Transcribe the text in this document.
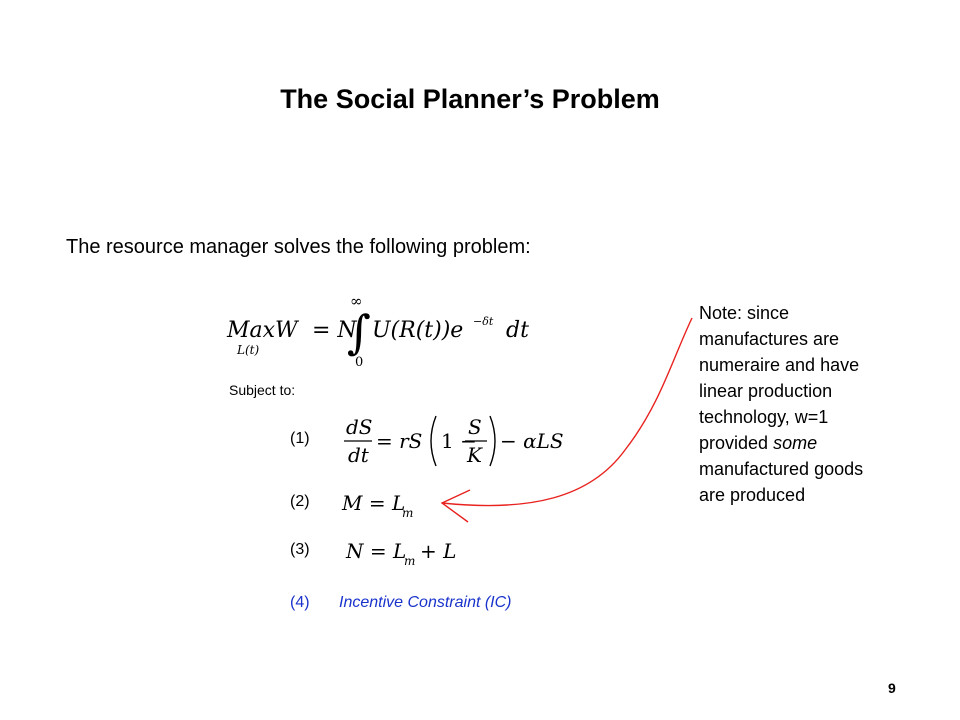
The Social Planner’s Problem
The resource manager solves the following problem:
MaxW
L(t)
= N
∞
∫
0
U(R(t))e −δt dt
Subject to:
(1) dS
dt
= rS 1 −
S
K
− αLS
(2) M = L
m
(3) N = L
m + L
(4) Incentive Constraint (IC)
Note: since
manufactures are
numeraire and have
linear production
technology, w=1
provided some
manufactured goods
are produced
9
